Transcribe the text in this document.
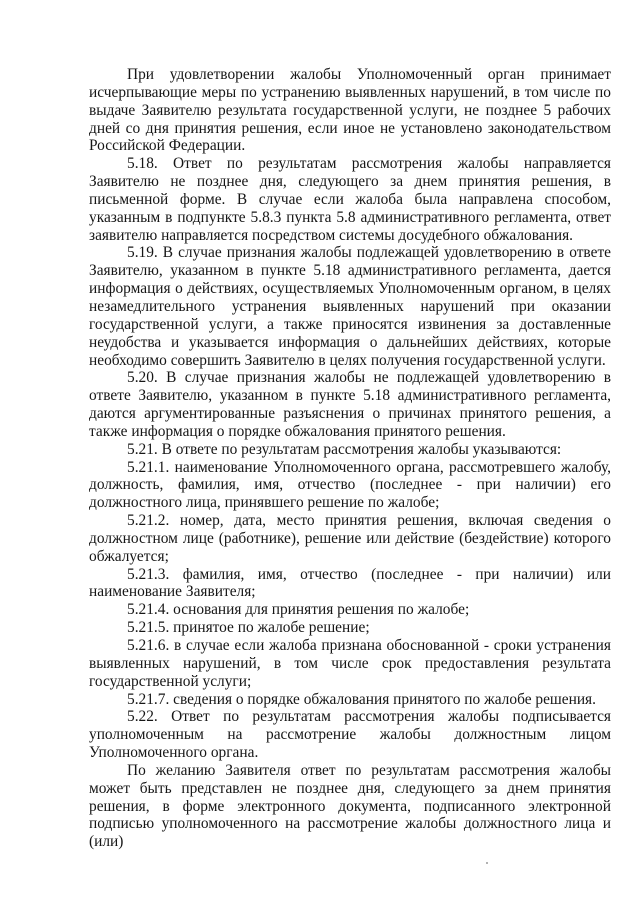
При удовлетворении жалобы Уполномоченный орган принимает исчерпывающие меры по устранению выявленных нарушений, в том числе по выдаче Заявителю результата государственной услуги, не позднее 5 рабочих дней со дня принятия решения, если иное не установлено законодательством Российской Федерации.

5.18. Ответ по результатам рассмотрения жалобы направляется Заявителю не позднее дня, следующего за днем принятия решения, в письменной форме. В случае если жалоба была направлена способом, указанным в подпункте 5.8.3 пункта 5.8 административного регламента, ответ заявителю направляется посредством системы досудебного обжалования.

5.19. В случае признания жалобы подлежащей удовлетворению в ответе Заявителю, указанном в пункте 5.18 административного регламента, дается информация о действиях, осуществляемых Уполномоченным органом, в целях незамедлительного устранения выявленных нарушений при оказании государственной услуги, а также приносятся извинения за доставленные неудобства и указывается информация о дальнейших действиях, которые необходимо совершить Заявителю в целях получения государственной услуги.

5.20. В случае признания жалобы не подлежащей удовлетворению в ответе Заявителю, указанном в пункте 5.18 административного регламента, даются аргументированные разъяснения о причинах принятого решения, а также информация о порядке обжалования принятого решения.

5.21. В ответе по результатам рассмотрения жалобы указываются:

5.21.1. наименование Уполномоченного органа, рассмотревшего жалобу, должность, фамилия, имя, отчество (последнее - при наличии) его должностного лица, принявшего решение по жалобе;

5.21.2. номер, дата, место принятия решения, включая сведения о должностном лице (работнике), решение или действие (бездействие) которого обжалуется;

5.21.3. фамилия, имя, отчество (последнее - при наличии) или наименование Заявителя;

5.21.4. основания для принятия решения по жалобе;

5.21.5. принятое по жалобе решение;

5.21.6. в случае если жалоба признана обоснованной - сроки устранения выявленных нарушений, в том числе срок предоставления результата государственной услуги;

5.21.7. сведения о порядке обжалования принятого по жалобе решения.

5.22. Ответ по результатам рассмотрения жалобы подписывается уполномоченным на рассмотрение жалобы должностным лицом Уполномоченного органа.

По желанию Заявителя ответ по результатам рассмотрения жалобы может быть представлен не позднее дня, следующего за днем принятия решения, в форме электронного документа, подписанного электронной подписью уполномоченного на рассмотрение жалобы должностного лица и (или)
